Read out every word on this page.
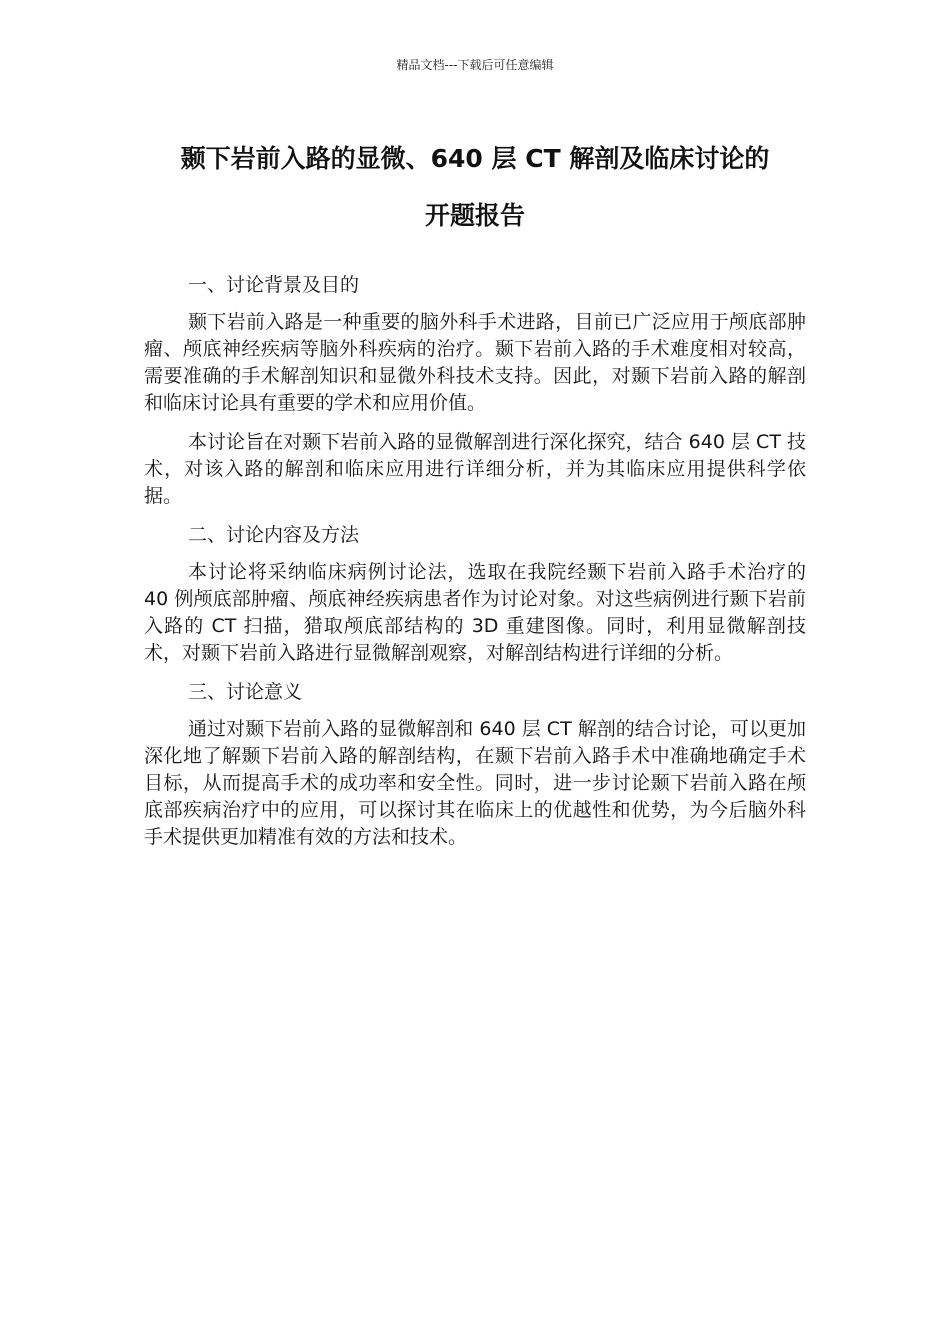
精品文档---下载后可任意编辑
颞下岩前入路的显微、640 层 CT 解剖及临床讨论的
开题报告
一、讨论背景及目的

颞下岩前入路是一种重要的脑外科手术进路，目前已广泛应用于颅底部肿瘤、颅底神经疾病等脑外科疾病的治疗。颞下岩前入路的手术难度相对较高，需要准确的手术解剖知识和显微外科技术支持。因此，对颞下岩前入路的解剖和临床讨论具有重要的学术和应用价值。

本讨论旨在对颞下岩前入路的显微解剖进行深化探究，结合 640 层 CT 技术，对该入路的解剖和临床应用进行详细分析，并为其临床应用提供科学依据。

二、讨论内容及方法

本讨论将采纳临床病例讨论法，选取在我院经颞下岩前入路手术治疗的 40 例颅底部肿瘤、颅底神经疾病患者作为讨论对象。对这些病例进行颞下岩前入路的 CT 扫描，猎取颅底部结构的 3D 重建图像。同时，利用显微解剖技术，对颞下岩前入路进行显微解剖观察，对解剖结构进行详细的分析。

三、讨论意义

通过对颞下岩前入路的显微解剖和 640 层 CT 解剖的结合讨论，可以更加深化地了解颞下岩前入路的解剖结构，在颞下岩前入路手术中准确地确定手术目标，从而提高手术的成功率和安全性。同时，进一步讨论颞下岩前入路在颅底部疾病治疗中的应用，可以探讨其在临床上的优越性和优势，为今后脑外科手术提供更加精准有效的方法和技术。
